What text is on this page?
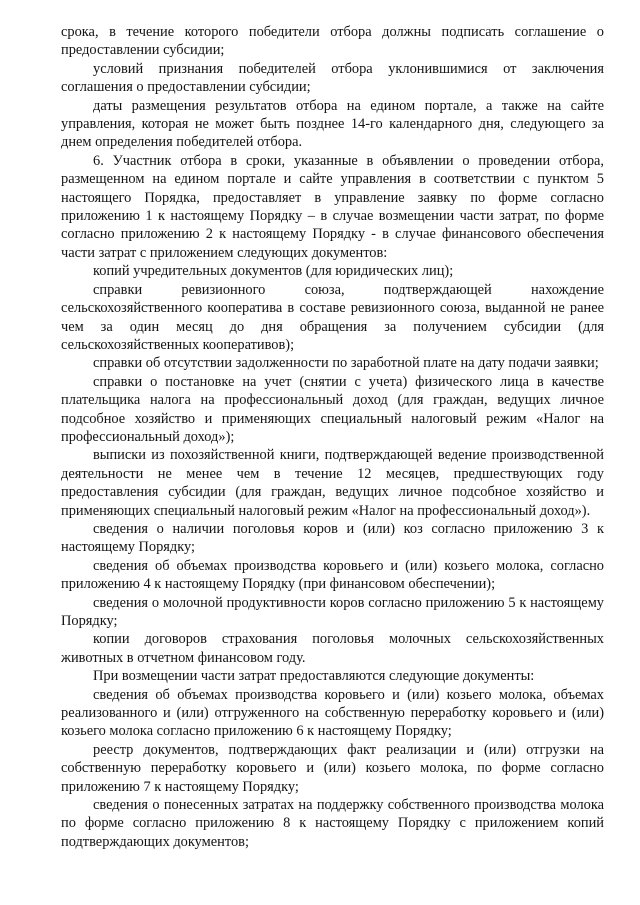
срока, в течение которого победители отбора должны подписать соглашение о предоставлении субсидии;

условий признания победителей отбора уклонившимися от заключения соглашения о предоставлении субсидии;

даты размещения результатов отбора на едином портале, а также на сайте управления, которая не может быть позднее 14-го календарного дня, следующего за днем определения победителей отбора.

6. Участник отбора в сроки, указанные в объявлении о проведении отбора, размещенном на едином портале и сайте управления в соответствии с пунктом 5 настоящего Порядка, предоставляет в управление заявку по форме согласно приложению 1 к настоящему Порядку – в случае возмещении части затрат, по форме согласно приложению 2 к настоящему Порядку - в случае финансового обеспечения части затрат с приложением следующих документов:

копий учредительных документов (для юридических лиц);

справки ревизионного союза, подтверждающей нахождение сельскохозяйственного кооператива в составе ревизионного союза, выданной не ранее чем за один месяц до дня обращения за получением субсидии (для сельскохозяйственных кооперативов);

справки об отсутствии задолженности по заработной плате на дату подачи заявки;

справки о постановке на учет (снятии с учета) физического лица в качестве плательщика налога на профессиональный доход (для граждан, ведущих личное подсобное хозяйство и применяющих специальный налоговый режим «Налог на профессиональный доход»);

выписки из похозяйственной книги, подтверждающей ведение производственной деятельности не менее чем в течение 12 месяцев, предшествующих году предоставления субсидии (для граждан, ведущих личное подсобное хозяйство и применяющих специальный налоговый режим «Налог на профессиональный доход»).

сведения о наличии поголовья коров и (или) коз согласно приложению 3 к настоящему Порядку;

сведения об объемах производства коровьего и (или) козьего молока, согласно приложению 4 к настоящему Порядку (при финансовом обеспечении);

сведения о молочной продуктивности коров согласно приложению 5 к настоящему Порядку;

копии договоров страхования поголовья молочных сельскохозяйственных животных в отчетном финансовом году.

При возмещении части затрат предоставляются следующие документы:

сведения об объемах производства коровьего и (или) козьего молока, объемах реализованного и (или) отгруженного на собственную переработку коровьего и (или) козьего молока согласно приложению 6 к настоящему Порядку;

реестр документов, подтверждающих факт реализации и (или) отгрузки на собственную переработку коровьего и (или) козьего молока, по форме согласно приложению 7 к настоящему Порядку;

сведения о понесенных затратах на поддержку собственного производства молока по форме согласно приложению 8 к настоящему Порядку с приложением копий подтверждающих документов;
